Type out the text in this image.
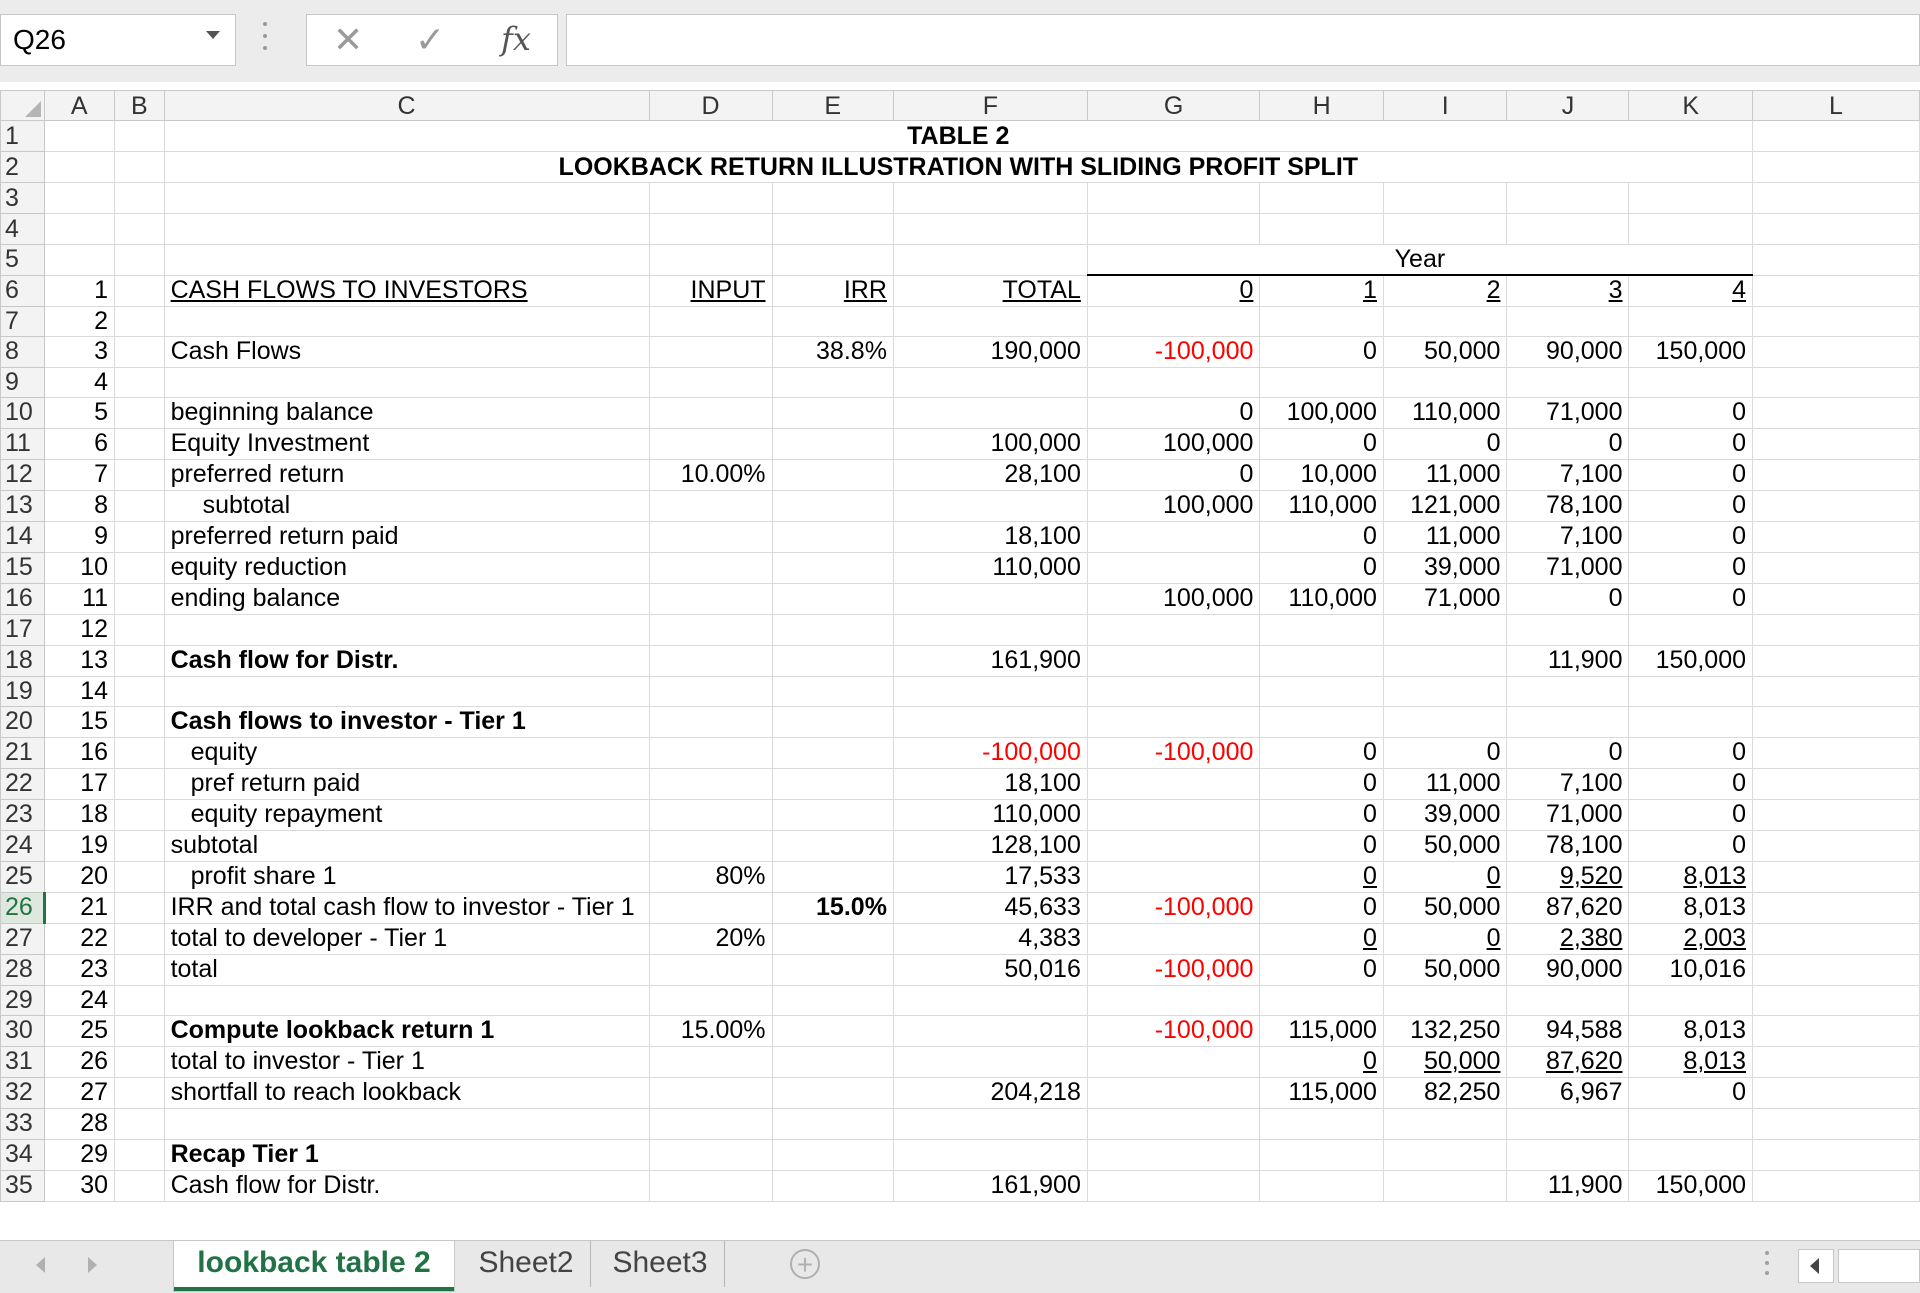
Q26	✕ ✓ fx
	A	B	C	D	E	F	G	H	I	J	K	L
1			TABLE 2									
2			LOOKBACK RETURN ILLUSTRATION WITH SLIDING PROFIT SPLIT									
3												
4												
5							Year					
6	1		CASH FLOWS TO INVESTORS	INPUT	IRR	TOTAL	0	1	2	3	4	
7	2											
8	3		Cash Flows		38.8%	190,000	-100,000	0	50,000	90,000	150,000	
9	4											
10	5		beginning balance				0	100,000	110,000	71,000	0	
11	6		Equity Investment			100,000	100,000	0	0	0	0	
12	7		preferred return	10.00%		28,100	0	10,000	11,000	7,100	0	
13	8		subtotal				100,000	110,000	121,000	78,100	0	
14	9		preferred return paid			18,100		0	11,000	7,100	0	
15	10		equity reduction			110,000		0	39,000	71,000	0	
16	11		ending balance				100,000	110,000	71,000	0	0	
17	12											
18	13		Cash flow for Distr.			161,900				11,900	150,000	
19	14											
20	15		Cash flows to investor - Tier 1									
21	16		equity			-100,000	-100,000	0	0	0	0	
22	17		pref return paid			18,100		0	11,000	7,100	0	
23	18		equity repayment			110,000		0	39,000	71,000	0	
24	19		subtotal			128,100		0	50,000	78,100	0	
25	20		profit share 1	80%		17,533		0	0	9,520	8,013	
26	21		IRR and total cash flow to investor - Tier 1		15.0%	45,633	-100,000	0	50,000	87,620	8,013	
27	22		total to developer - Tier 1	20%		4,383		0	0	2,380	2,003	
28	23		total			50,016	-100,000	0	50,000	90,000	10,016	
29	24											
30	25		Compute lookback return 1	15.00%			-100,000	115,000	132,250	94,588	8,013	
31	26		total to investor - Tier 1					0	50,000	87,620	8,013	
32	27		shortfall to reach lookback			204,218		115,000	82,250	6,967	0	
33	28											
34	29		Recap Tier 1									
35	30		Cash flow for Distr.			161,900				11,900	150,000	
lookback table 2	Sheet2	Sheet3	+
